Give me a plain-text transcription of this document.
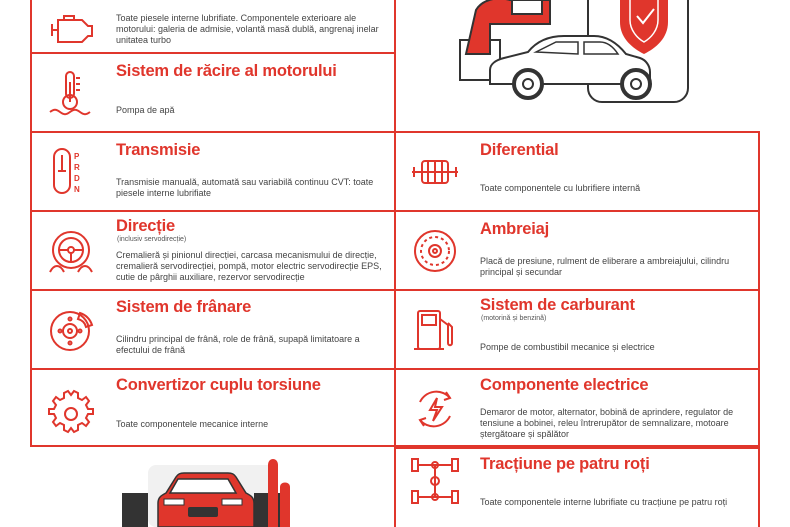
Toate piesele interne lubrifiate. Componentele exterioare ale motorului: galeria de admisie, volantă masă dublă, angrenaj inelar unitatea turbo
Sistem de răcire al motorului
Pompa de apă
P
R
D
N
Transmisie
Transmisie manuală, automată sau variabilă continuu CVT: toate piesele interne lubrifiate
Direcție
(inclusiv servodirecție)
Cremalieră și pinionul direcției, carcasa mecanismului de direcție, cremalieră servodirecției, pompă, motor electric servodirecție EPS, cutie de pârghii auxiliare, rezervor servodirecție
Sistem de frânare
Cilindru principal de frână, role de frână, supapă limitatoare a efectului de frână
Convertizor cuplu torsiune
Toate componentele mecanice interne
Diferential
Toate componentele cu lubrifiere internă
Ambreiaj
Placă de presiune, rulment de eliberare a ambreiajului, cilindru principal și secundar
Sistem de carburant
(motorină și benzină)
Pompe de combustibil mecanice și electrice
Componente electrice
Demaror de motor, alternator, bobină de aprindere, regulator de tensiune a bobinei, releu întrerupător de semnalizare, motoare ștergătoare și spălător
Tracțiune pe patru roți
Toate componentele interne lubrifiate cu tracțiune pe patru roți
